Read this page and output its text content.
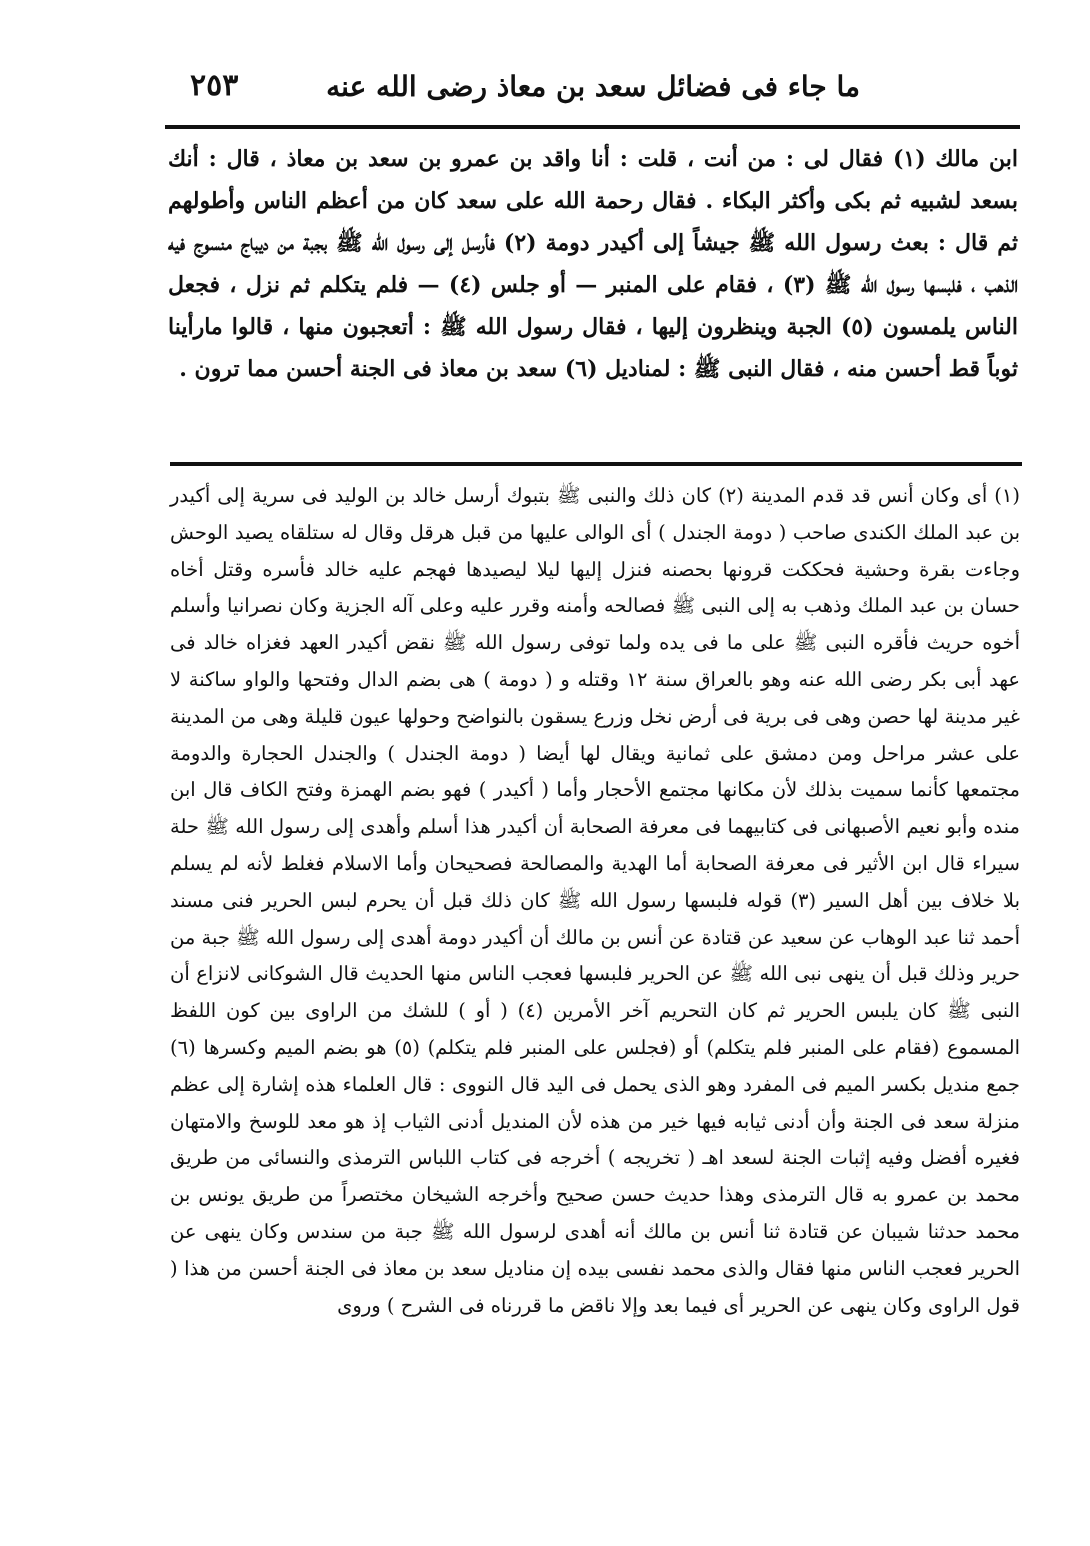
ما جاء فى فضائل سعد بن معاذ رضى الله عنه
٢٥٣

ابن مالك (١) فقال لى : من أنت ، قلت : أنا واقد بن عمرو بن سعد بن معاذ ، قال : أنك بسعد لشبيه ثم بكى وأكثر البكاء . فقال رحمة الله على سعد كان من أعظم الناس وأطولهم ثم قال : بعث رسول الله ﷺ جيشاً إلى أكيدر دومة (٢) فأرسل إلى رسول الله ﷺ بجبة من ديباج منسوج فيه الذهب ، فلبسها رسول الله ﷺ (٣) ، فقام على المنبر — أو جلس (٤) — فلم يتكلم ثم نزل ، فجعل الناس يلمسون (٥) الجبة وينظرون إليها ، فقال رسول الله ﷺ : أتعجبون منها ، قالوا مارأينا ثوباً قط أحسن منه ، فقال النبى ﷺ : لمناديل (٦) سعد بن معاذ فى الجنة أحسن مما ترون .

(١) أى وكان أنس قد قدم المدينة (٢) كان ذلك والنبى ﷺ بتبوك أرسل خالد بن الوليد فى سرية إلى أكيدر بن عبد الملك الكندى صاحب ( دومة الجندل ) أى الوالى عليها من قبل هرقل وقال له ستلقاه يصيد الوحش وجاءت بقرة وحشية فحككت قرونها بحصنه فنزل إليها ليلا ليصيدها فهجم عليه خالد فأسره وقتل أخاه حسان بن عبد الملك وذهب به إلى النبى ﷺ فصالحه وأمنه وقرر عليه وعلى آله الجزية وكان نصرانيا وأسلم أخوه حريث فأقره النبى ﷺ على ما فى يده ولما توفى رسول الله ﷺ نقض أكيدر العهد فغزاه خالد فى عهد أبى بكر رضى الله عنه وهو بالعراق سنة ١٢ وقتله و ( دومة ) هى بضم الدال وفتحها والواو ساكنة لا غير مدينة لها حصن وهى فى برية فى أرض نخل وزرع يسقون بالنواضح وحولها عيون قليلة وهى من المدينة على عشر مراحل ومن دمشق على ثمانية ويقال لها أيضا ( دومة الجندل ) والجندل الحجارة والدومة مجتمعها كأنما سميت بذلك لأن مكانها مجتمع الأحجار وأما ( أكيدر ) فهو بضم الهمزة وفتح الكاف قال ابن منده وأبو نعيم الأصبهانى فى كتابيهما فى معرفة الصحابة أن أكيدر هذا أسلم وأهدى إلى رسول الله ﷺ حلة سيراء قال ابن الأثير فى معرفة الصحابة أما الهدية والمصالحة فصحيحان وأما الاسلام فغلط لأنه لم يسلم بلا خلاف بين أهل السير (٣) قوله فلبسها رسول الله ﷺ كان ذلك قبل أن يحرم لبس الحرير فنى مسند أحمد ثنا عبد الوهاب عن سعيد عن قتادة عن أنس بن مالك أن أكيدر دومة أهدى إلى رسول الله ﷺ جبة من حرير وذلك قبل أن ينهى نبى الله ﷺ عن الحرير فلبسها فعجب الناس منها الحديث قال الشوكانى لانزاع أن النبى ﷺ كان يلبس الحرير ثم كان التحريم آخر الأمرين (٤) ( أو ) للشك من الراوى بين كون اللفظ المسموع (فقام على المنبر فلم يتكلم) أو (فجلس على المنبر فلم يتكلم) (٥) هو بضم الميم وكسرها (٦) جمع منديل بكسر الميم فى المفرد وهو الذى يحمل فى اليد قال النووى : قال العلماء هذه إشارة إلى عظم منزلة سعد فى الجنة وأن أدنى ثيابه فيها خير من هذه لأن المنديل أدنى الثياب إذ هو معد للوسخ والامتهان فغيره أفضل وفيه إثبات الجنة لسعد اهـ ( تخريجه ) أخرجه فى كتاب اللباس الترمذى والنسائى من طريق محمد بن عمرو به قال الترمذى وهذا حديث حسن صحيح وأخرجه الشيخان مختصراً من طريق يونس بن محمد حدثنا شيبان عن قتادة ثنا أنس بن مالك أنه أهدى لرسول الله ﷺ جبة من سندس وكان ينهى عن الحرير فعجب الناس منها فقال والذى محمد نفسى بيده إن مناديل سعد بن معاذ فى الجنة أحسن من هذا ( قول الراوى وكان ينهى عن الحرير أى فيما بعد وإلا ناقض ما قررناه فى الشرح ) وروى
